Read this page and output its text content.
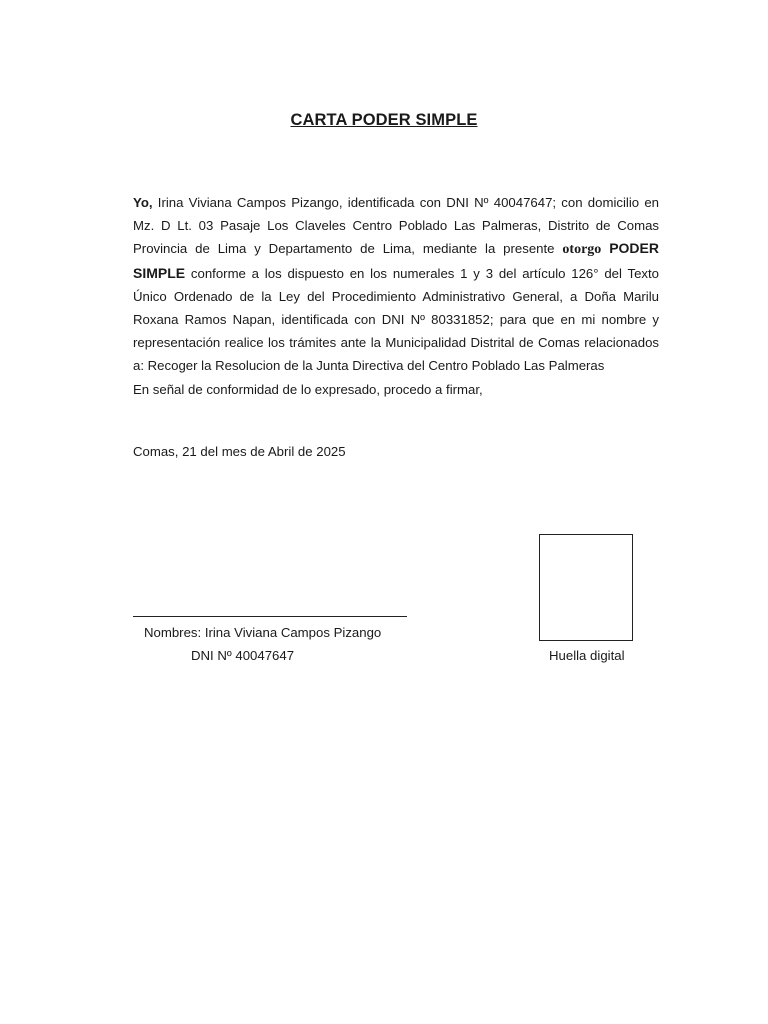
CARTA PODER SIMPLE

Yo, Irina Viviana Campos Pizango, identificada con DNI Nº 40047647; con domicilio en Mz. D Lt. 03 Pasaje Los Claveles Centro Poblado Las Palmeras, Distrito de Comas Provincia de Lima y Departamento de Lima, mediante la presente otorgo PODER SIMPLE conforme a los dispuesto en los numerales 1 y 3 del artículo 126° del Texto Único Ordenado de la Ley del Procedimiento Administrativo General, a Doña Marilu Roxana Ramos Napan, identificada con DNI Nº 80331852; para que en mi nombre y representación realice los trámites ante la Municipalidad Distrital de Comas relacionados a: Recoger la Resolucion de la Junta Directiva del Centro Poblado Las Palmeras

En señal de conformidad de lo expresado, procedo a firmar,

Comas, 21 del mes de Abril de 2025
Nombres: Irina Viviana Campos Pizango
DNI Nº 40047647	Huella digital
